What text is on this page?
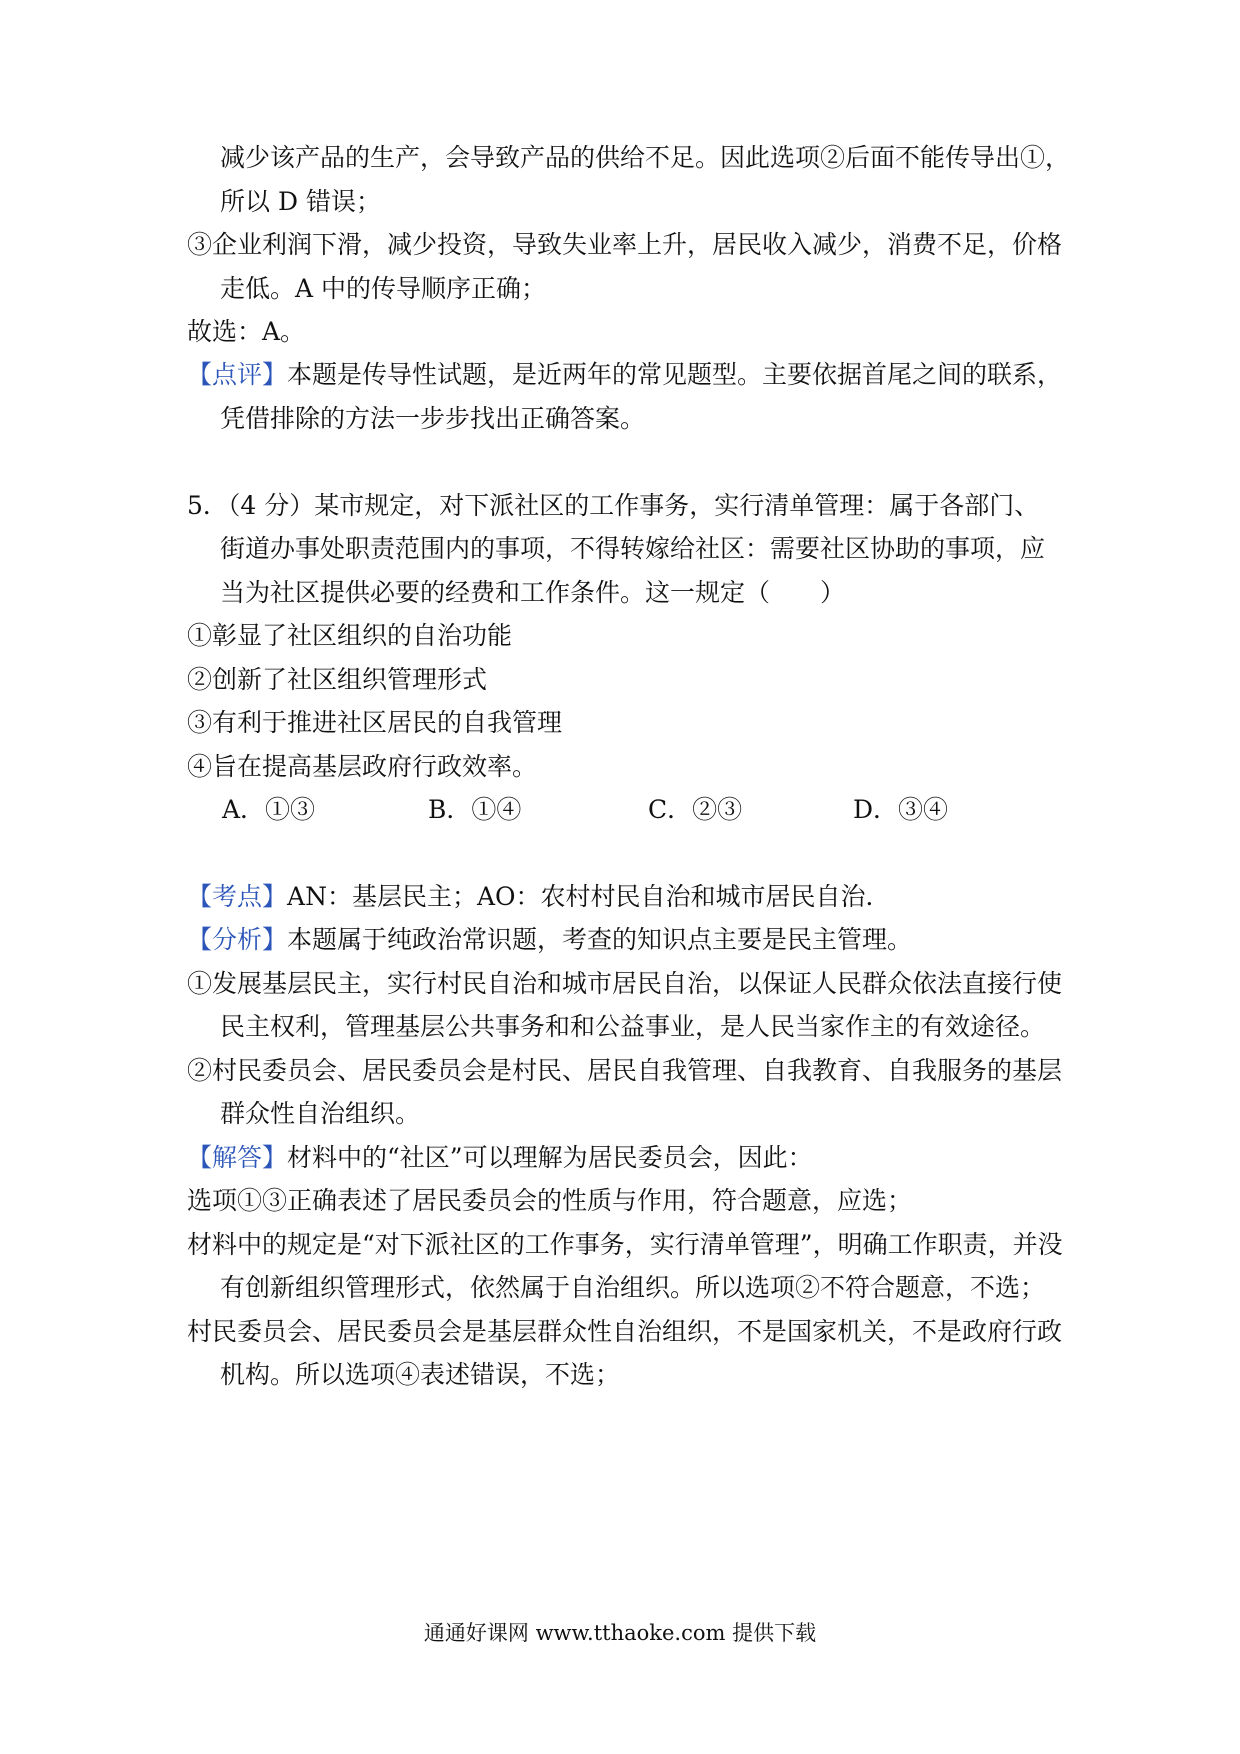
减少该产品的生产，会导致产品的供给不足。因此选项②后面不能传导出①，
所以 D 错误；
③企业利润下滑，减少投资，导致失业率上升，居民收入减少，消费不足，价格
走低。A 中的传导顺序正确；
故选：A。
【点评】本题是传导性试题，是近两年的常见题型。主要依据首尾之间的联系，
凭借排除的方法一步步找出正确答案。
5．（4 分）某市规定，对下派社区的工作事务，实行清单管理：属于各部门、
街道办事处职责范围内的事项，不得转嫁给社区：需要社区协助的事项，应
当为社区提供必要的经费和工作条件。这一规定（　　）
①彰显了社区组织的自治功能
②创新了社区组织管理形式
③有利于推进社区居民的自我管理
④旨在提高基层政府行政效率。
A．①③	B．①④	C．②③	D．③④
【考点】AN：基层民主；AO：农村村民自治和城市居民自治．
【分析】本题属于纯政治常识题，考查的知识点主要是民主管理。
①发展基层民主，实行村民自治和城市居民自治，以保证人民群众依法直接行使
民主权利，管理基层公共事务和和公益事业，是人民当家作主的有效途径。
②村民委员会、居民委员会是村民、居民自我管理、自我教育、自我服务的基层
群众性自治组织。
【解答】材料中的“社区”可以理解为居民委员会，因此：
选项①③正确表述了居民委员会的性质与作用，符合题意，应选；
材料中的规定是“对下派社区的工作事务，实行清单管理”，明确工作职责，并没
有创新组织管理形式，依然属于自治组织。所以选项②不符合题意，不选；
村民委员会、居民委员会是基层群众性自治组织，不是国家机关，不是政府行政
机构。所以选项④表述错误，不选；
通通好课网 www.tthaoke.com 提供下载
